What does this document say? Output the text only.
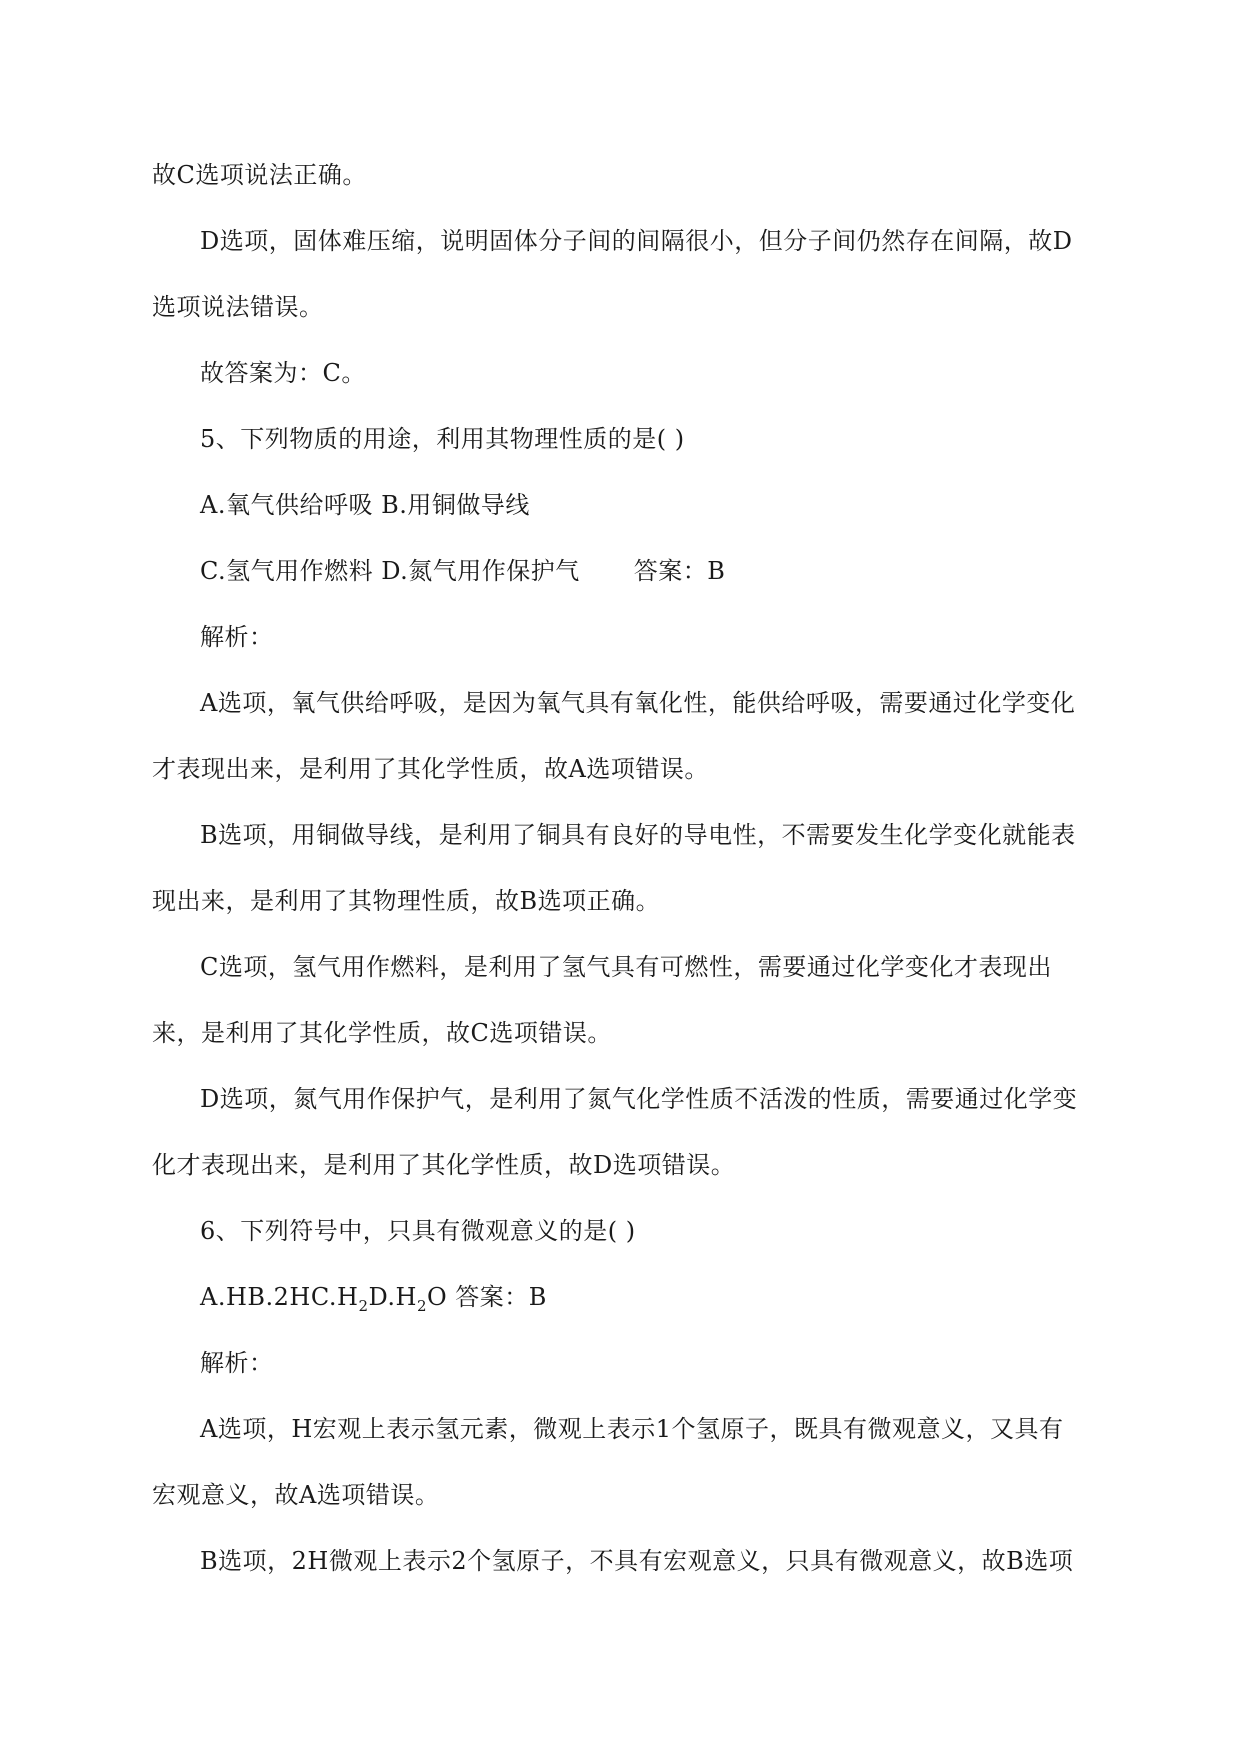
故C选项说法正确。

D选项，固体难压缩，说明固体分子间的间隔很小，但分子间仍然存在间隔，故D选项说法错误。

故答案为：C。

5、下列物质的用途，利用其物理性质的是( )

A.氧气供给呼吸 B.用铜做导线

C.氢气用作燃料 D.氮气用作保护气 答案：B

解析：

A选项，氧气供给呼吸，是因为氧气具有氧化性，能供给呼吸，需要通过化学变化才表现出来，是利用了其化学性质，故A选项错误。

B选项，用铜做导线，是利用了铜具有良好的导电性，不需要发生化学变化就能表现出来，是利用了其物理性质，故B选项正确。

C选项，氢气用作燃料，是利用了氢气具有可燃性，需要通过化学变化才表现出来，是利用了其化学性质，故C选项错误。

D选项，氮气用作保护气，是利用了氮气化学性质不活泼的性质，需要通过化学变化才表现出来，是利用了其化学性质，故D选项错误。

6、下列符号中，只具有微观意义的是( )

$A.HB.2HC.H_2D.H_2O$ 答案：B

解析：

A选项，H宏观上表示氢元素，微观上表示1个氢原子，既具有微观意义，又具有宏观意义，故A选项错误。

B选项，2H微观上表示2个氢原子，不具有宏观意义，只具有微观意义，故B选项
